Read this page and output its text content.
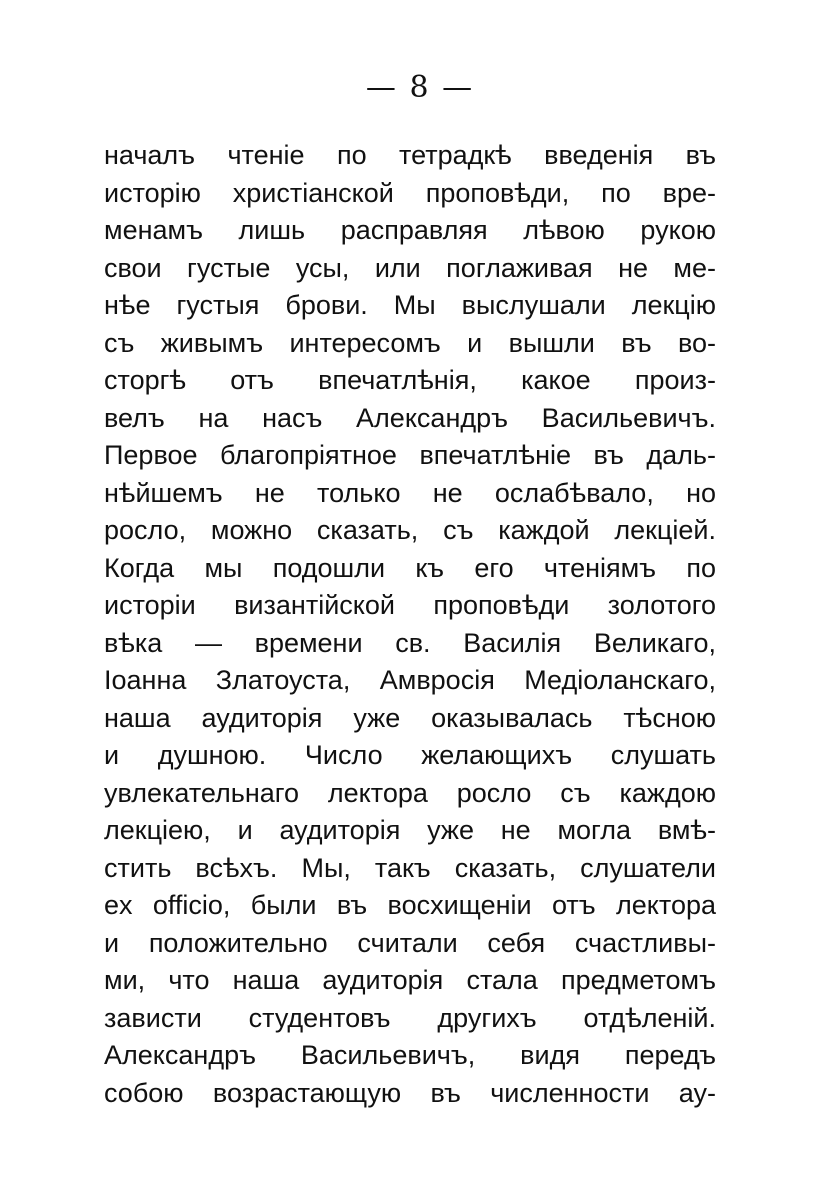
— 8 —
началъ чтеніе по тетрадкѣ введенія въ
исторію христіанской проповѣди, по вре-
менамъ лишь расправляя лѣвою рукою
свои густые усы, или поглаживая не ме-
нѣе густыя брови. Мы выслушали лекцію
съ живымъ интересомъ и вышли въ во-
сторгѣ отъ впечатлѣнія, какое произ-
велъ на насъ Александръ Васильевичъ.
Первое благопріятное впечатлѣніе въ даль-
нѣйшемъ не только не ослабѣвало, но
росло, можно сказать, съ каждой лекціей.
Когда мы подошли къ его чтеніямъ по
исторіи византійской проповѣди золотого
вѣка — времени св. Василія Великаго,
Іоанна Златоуста, Амвросія Медіоланскаго,
наша аудиторія уже оказывалась тѣсною
и душною. Число желающихъ слушать
увлекательнаго лектора росло съ каждою
лекціею, и аудиторія уже не могла вмѣ-
стить всѣхъ. Мы, такъ сказать, слушатели
ex officio, были въ восхищеніи отъ лектора
и положительно считали себя счастливы-
ми, что наша аудиторія стала предметомъ
зависти студентовъ другихъ отдѣленій.
Александръ Васильевичъ, видя передъ
собою возрастающую въ численности ау-
